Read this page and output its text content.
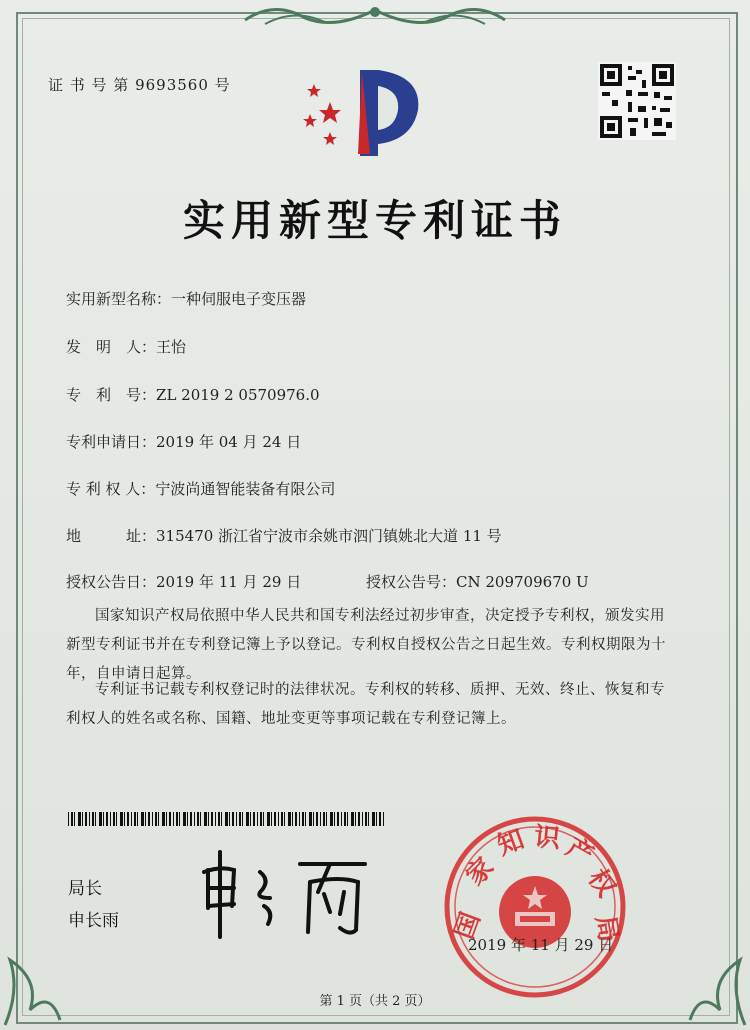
证 书 号 第 9693560 号
实用新型专利证书
实用新型名称：一种伺服电子变压器
发　明　人：王怡
专　利　号：ZL 2019 2 0570976.0
专利申请日：2019 年 04 月 24 日
专 利 权 人：宁波尚通智能装备有限公司
地　　　址：315470 浙江省宁波市余姚市泗门镇姚北大道 11 号
授权公告日：2019 年 11 月 29 日	授权公告号：CN 209709670 U
国家知识产权局依照中华人民共和国专利法经过初步审查，决定授予专利权，颁发实用新型专利证书并在专利登记簿上予以登记。专利权自授权公告之日起生效。专利权期限为十年，自申请日起算。
专利证书记载专利权登记时的法律状况。专利权的转移、质押、无效、终止、恢复和专利权人的姓名或名称、国籍、地址变更等事项记载在专利登记簿上。
局长
申长雨	国
家
知 识 产
权
局
2019 年 11 月 29 日
第 1 页（共 2 页）
